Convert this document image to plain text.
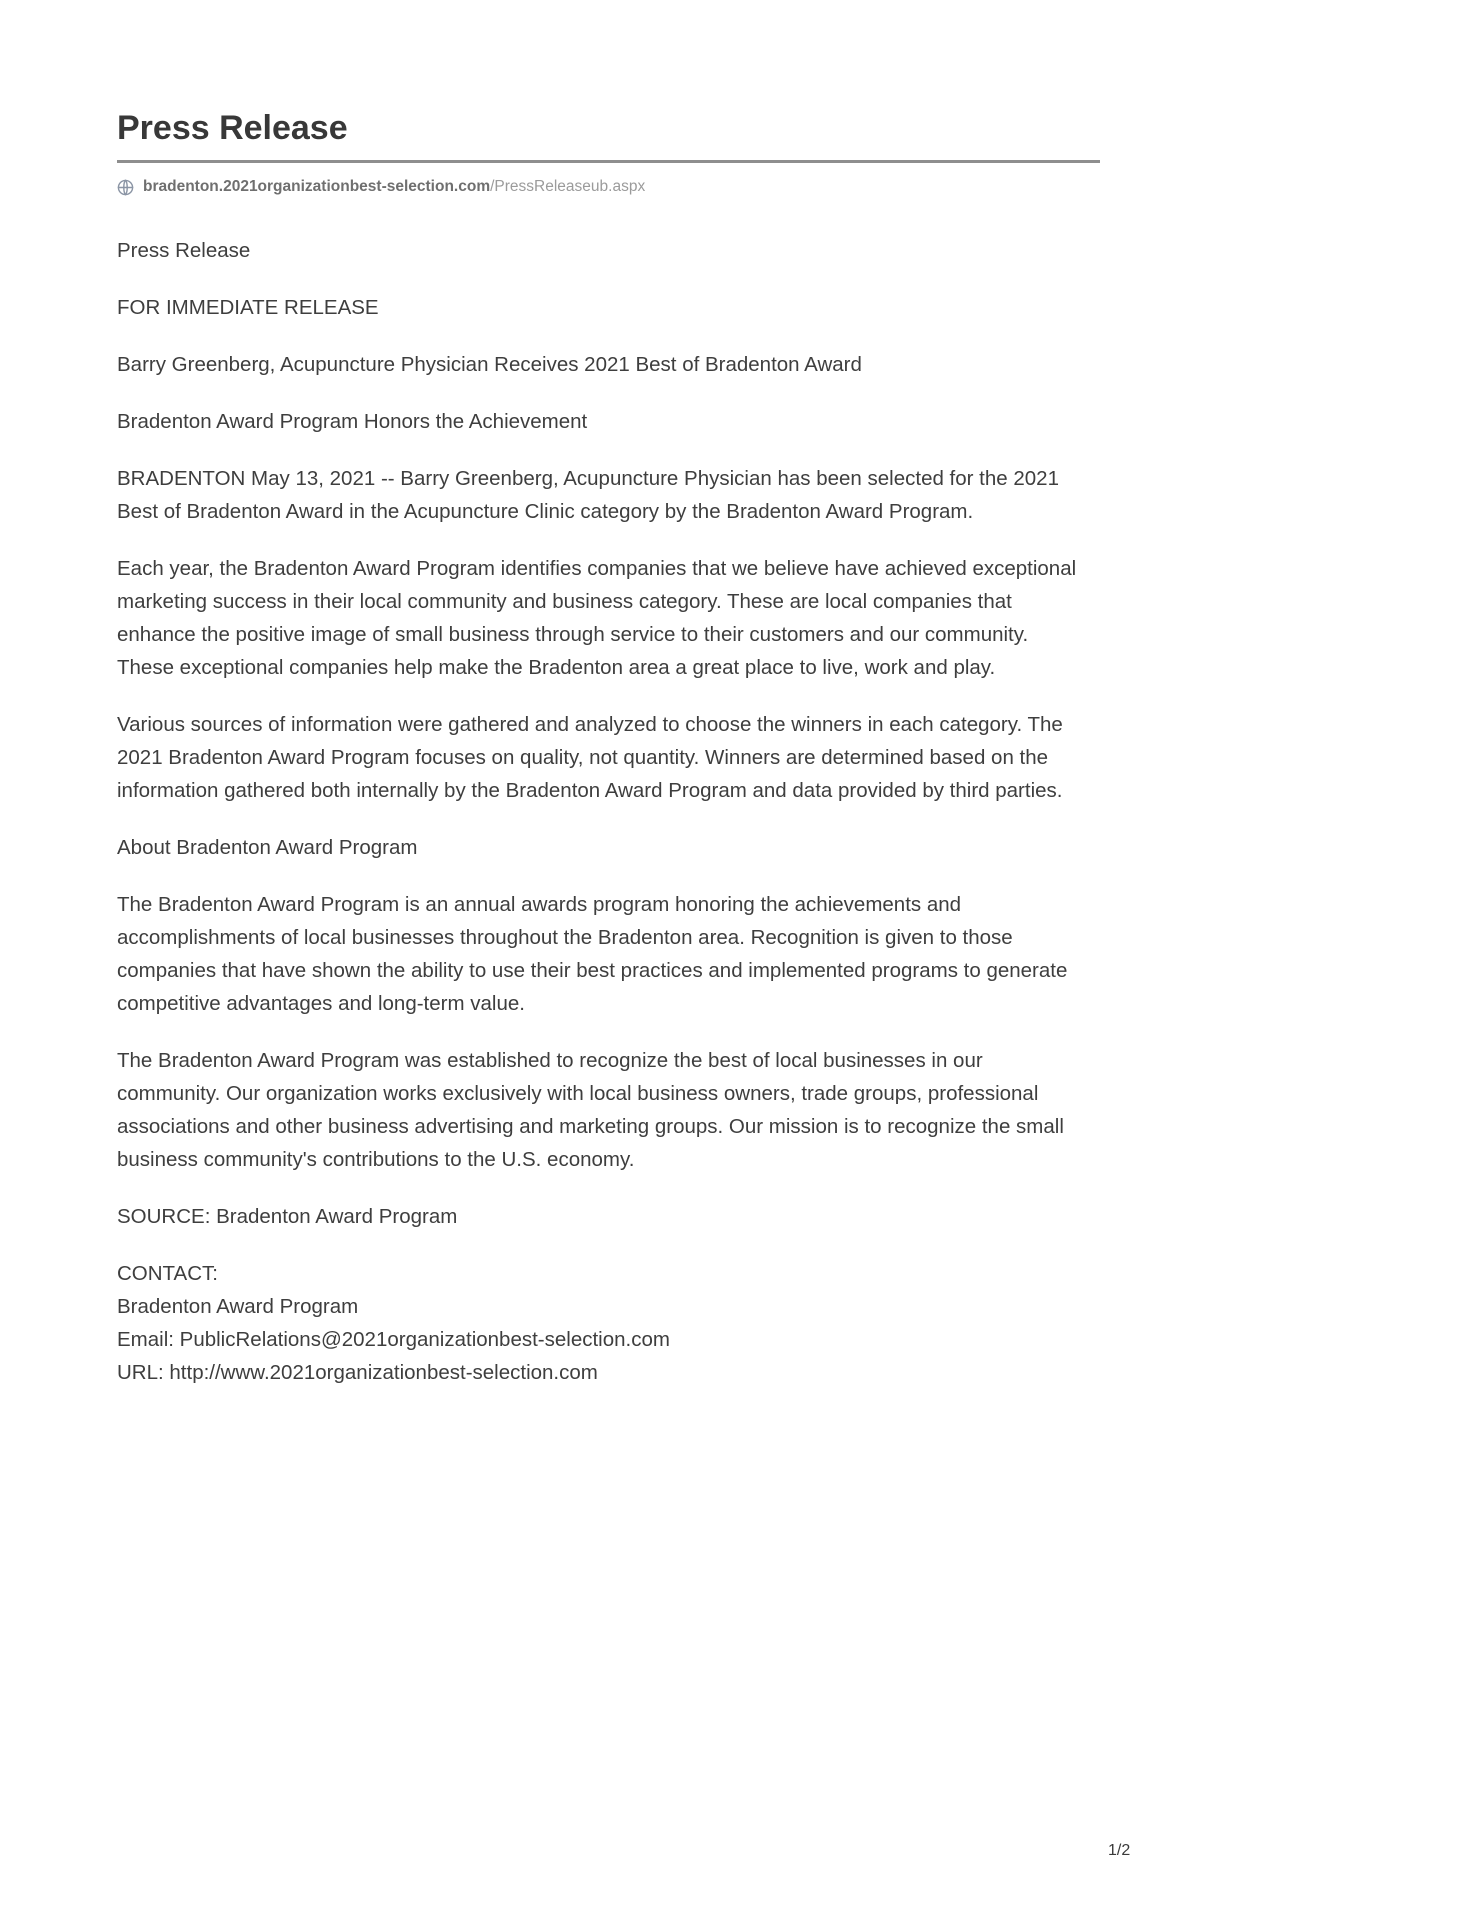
Press Release
bradenton.2021organizationbest-selection.com /PressReleaseub.aspx

Press Release

FOR IMMEDIATE RELEASE

Barry Greenberg, Acupuncture Physician Receives 2021 Best of Bradenton Award

Bradenton Award Program Honors the Achievement

BRADENTON May 13, 2021 -- Barry Greenberg, Acupuncture Physician has been selected for the 2021 Best of Bradenton Award in the Acupuncture Clinic category by the Bradenton Award Program.

Each year, the Bradenton Award Program identifies companies that we believe have achieved exceptional marketing success in their local community and business category. These are local companies that enhance the positive image of small business through service to their customers and our community. These exceptional companies help make the Bradenton area a great place to live, work and play.

Various sources of information were gathered and analyzed to choose the winners in each category. The 2021 Bradenton Award Program focuses on quality, not quantity. Winners are determined based on the information gathered both internally by the Bradenton Award Program and data provided by third parties.

About Bradenton Award Program

The Bradenton Award Program is an annual awards program honoring the achievements and accomplishments of local businesses throughout the Bradenton area. Recognition is given to those companies that have shown the ability to use their best practices and implemented programs to generate competitive advantages and long-term value.

The Bradenton Award Program was established to recognize the best of local businesses in our community. Our organization works exclusively with local business owners, trade groups, professional associations and other business advertising and marketing groups. Our mission is to recognize the small business community's contributions to the U.S. economy.

SOURCE: Bradenton Award Program

CONTACT:
Bradenton Award Program
Email: PublicRelations@2021organizationbest-selection.com
URL: http://www.2021organizationbest-selection.com
1/2
